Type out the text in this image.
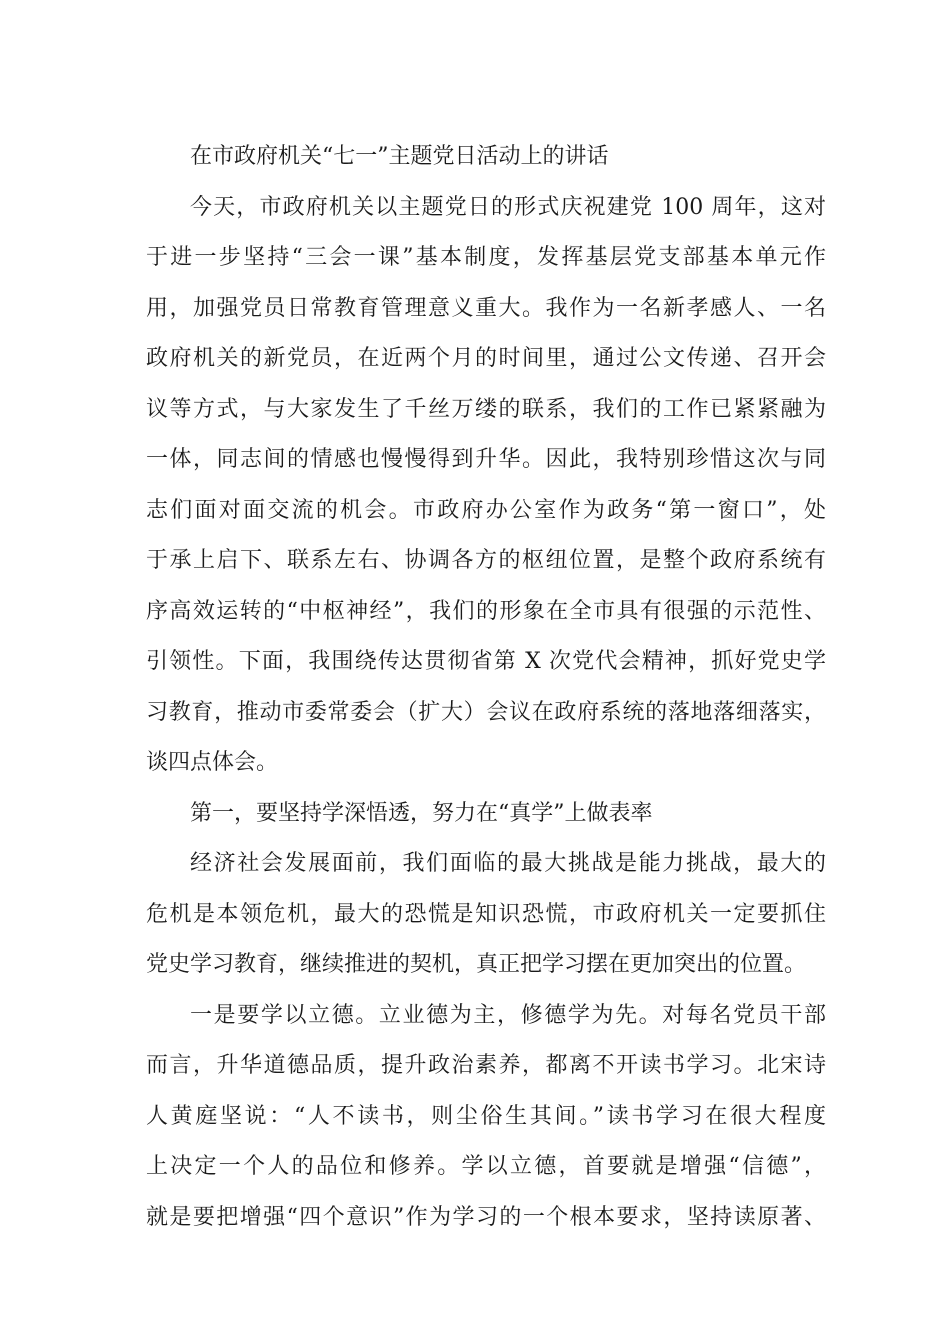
在市政府机关“七一”主题党日活动上的讲话

今天，市政府机关以主题党日的形式庆祝建党 100 周年，这对
于进一步坚持“三会一课”基本制度，发挥基层党支部基本单元作
用，加强党员日常教育管理意义重大。我作为一名新孝感人、一名
政府机关的新党员，在近两个月的时间里，通过公文传递、召开会
议等方式，与大家发生了千丝万缕的联系，我们的工作已紧紧融为
一体，同志间的情感也慢慢得到升华。因此，我特别珍惜这次与同
志们面对面交流的机会。市政府办公室作为政务“第一窗口”，处
于承上启下、联系左右、协调各方的枢纽位置，是整个政府系统有
序高效运转的“中枢神经”，我们的形象在全市具有很强的示范性、
引领性。下面，我围绕传达贯彻省第 X 次党代会精神，抓好党史学
习教育，推动市委常委会（扩大）会议在政府系统的落地落细落实，
谈四点体会。

第一，要坚持学深悟透，努力在“真学”上做表率

经济社会发展面前，我们面临的最大挑战是能力挑战，最大的
危机是本领危机，最大的恐慌是知识恐慌，市政府机关一定要抓住
党史学习教育，继续推进的契机，真正把学习摆在更加突出的位置。
一是要学以立德。立业德为主，修德学为先。对每名党员干部
而言，升华道德品质，提升政治素养，都离不开读书学习。北宋诗
人黄庭坚说：“人不读书，则尘俗生其间。”读书学习在很大程度
上决定一个人的品位和修养。学以立德，首要就是增强“信德”，
就是要把增强“四个意识”作为学习的一个根本要求，坚持读原著、
